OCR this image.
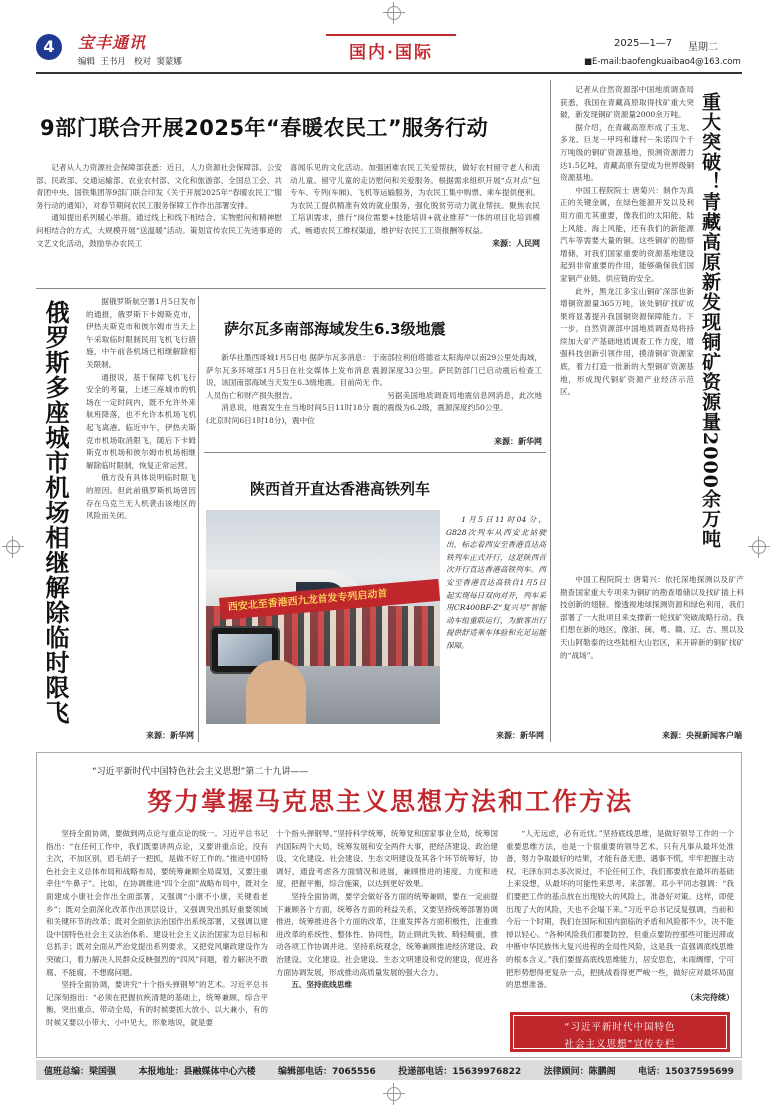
4	宝丰通讯
编辑  王书月   校对  窦蒙娜	国内·国际	2025—1—7 星期二
■E-mail:baofengkuaibao4@163.com
9部门联合开展2025年“春暖农民工”服务行动

记者从人力资源社会保障部获悉：近日，人力资源社会保障部、公安部、民政部、交通运输部、农业农村部、文化和旅游部、全国总工会、共青团中央、国铁集团等9部门联合印发《关于开展2025年“春暖农民工”服务行动的通知》，对春节期间农民工服务保障工作作出部署安排。

通知提出系列暖心举措。通过线上和线下相结合、实物慰问和精神慰问相结合的方式，大规模开展“送温暖”活动。策划宣传农民工先进事迹的文艺文化活动，鼓励举办农民工

喜闻乐见的文化活动。加强困难农民工关爱帮扶，做好农村留守老人和流动儿童、留守儿童的走访慰问和关爱服务。根据需求组织开展“点对点”包专车、专列(车厢)、飞机等运输服务，为农民工集中购票、乘车提供便利。为农民工提供精准有效的就业服务，强化脱贫劳动力就业帮扶。聚焦农民工培训需求，推行“岗位需要+技能培训+就业推荐”一体的项目化培训模式。畅通农民工维权渠道，维护好农民工工资报酬等权益。

来源：人民网
俄罗斯多座城市机场相继解除临时限飞	据俄罗斯航空署1月5日发布的通报，俄罗斯下卡姆斯克市，伊热夫斯克市和彼尔姆市当天上午采取临时限制民用飞机飞行措施，中午前各机场已相继解除相关限制。

通报说，基于保障飞机飞行安全的考量，上述三座城市的机场在一定时间内，既不允许外来航班降落，也不允许本机场飞机起飞离港。临近中午，伊热夫斯克市机场取消限飞，随后下卡姆斯克市机场和彼尔姆市机场相继解除临时限制，恢复正常运营。

俄方没有具体说明临时限飞的原因。但此前俄罗斯机场曾因存在乌克兰无人机袭击该地区的风险而关闭。

来源：新华网
萨尔瓦多南部海域发生6.3级地震

新华社墨西哥城1月5日电 据萨尔瓦多消息：萨尔瓦多环境部1月5日在社交媒体上发布消息说，该国南部海域当天发生6.3级地震。目前尚无人员伤亡和财产损失报告。

消息说，地震发生在当地时间5日11时18分(北京时间6日1时18分)，震中位

于南部拉利伯塔德省太阳海岸以南29公里处海域，震源深度33公里。萨民防部门已启动震后检查工作。

另据美国地质调查局地震信息网消息，此次地震的震级为6.2级，震源深度约50公里。

来源：新华网
陕西首开直达香港高铁列车
西安北至香港西九龙首发专列启动首

1月5日11时04分，G828次列车从西安北站驶出，标志着西安至香港直达高铁列车正式开行，这是陕西首次开行直达香港高铁列车。西安至香港直达高铁自1月5日起实现每日双向对开，列车采用CR400BF-Z“复兴号”智能动车组重联运行，为旅客出行提供舒适乘车体验和充足运能保障。

来源：新华网

记者从自然资源部中国地质调查局获悉，我国在青藏高原取得找矿重大突破，新发现铜矿资源量2000余万吨。

据介绍，在青藏高原形成了玉龙、多龙、巨龙－甲玛和雄村－朱诺四个千万吨级的铜矿资源基地，预测资源潜力达1.5亿吨，青藏高原有望成为世界级铜资源基地。

中国工程院院士 唐菊兴：制作为真正的关键金属，在绿色能源开发以及利用方面尤其重要，像我们的太阳能、陆上风能、海上风能，还有我们的新能源汽车等需要大量的铜。这些铜矿的勘察增储，对我们国家重要的资源基地建设起到非常重要的作用，能够确保我们国家铜产业链、供应链的安全。

此外，黑龙江多宝山铜矿深部也新增铜资源量365万吨，该处铜矿找矿成果将显著提升我国铜资源保障能力。下一步，自然资源部中国地质调查局将持续加大矿产基础地质调查工作力度，增强科技创新引领作用，摸清铜矿资源家底，着力打造一批新的大型铜矿资源基地，形成现代铜矿资源产业经济示范区。

中国工程院院士 唐菊兴：依托深地探测以及矿产勘查国家重大专项来为铜矿的勘查增储以及找矿插上科技创新的翅膀。像透视地球探测资源和绿色利用，我们部署了一大批项目来支撑新一轮找矿突破战略行动。我们想在新的地区，像浙、闽、粤、赣、辽、吉、黑以及天山阿勒泰的这些陆相大山岩区，来开辟新的铜矿找矿的“战场”。

重大突破！青藏高原新发现铜矿资源量2000余万吨
来源：央视新闻客户端
“习近平新时代中国特色社会主义思想”第二十九讲——
努力掌握马克思主义思想方法和工作方法

坚持全面协调，要做到两点论与重点论的统一。习近平总书记指出：“在任何工作中，我们既要讲两点论，又要讲重点论，没有主次，不加区别，眉毛胡子一把抓，是做不好工作的。”推进中国特色社会主义总体布局和战略布局，要统筹兼顾全局谋划，又要注重牵住“牛鼻子”。比如，在协调推进“四个全面”战略布局中，既对全面建成小康社会作出全面部署，又强调“小康不小康，关键看老乡”；既对全面深化改革作出顶层设计，又强调突出抓好重要领域和关键环节的改革；既对全面依法治国作出系统部署，又强调以建设中国特色社会主义法治体系、建设社会主义法治国家为总目标和总抓手；既对全面从严治党提出系列要求，又把党风廉政建设作为突破口，着力解决人民群众反映强烈的“四风”问题，着力解决不敢腐、不能腐、不想腐问题。

坚持全面协调，要讲究“十个指头弹钢琴”的艺术。习近平总书记深刻指出：“必须在把握抗疾清楚的基础上，统筹兼顾、综合平衡，突出重点、带动全局，有的时候要抓大放小、以大兼小，有的时候又要以小带大、小中见大，形象地说，就是要

十个指头弹钢琴。”坚持科学统筹，统筹党和国家事业全局，统筹国内国际两个大局，统筹发展和安全两件大事，把经济建设、政治建设、文化建设、社会建设、生态文明建设及其各个环节统筹好，协调好，通盘考虑各方面情况和进展，兼顾推进的速度、力度和进度，把握平衡，综合施策，以达到更好效果。

坚持全面协调，要学会做好各方面的统筹兼顾，要在一定前提下兼顾各个方面，统筹各方面的利益关系，又要坚持统筹部署协调推进，统筹推进各个方面的改革，注重发挥各方面积极性，注重推进改革的系统性、整体性、协同性，防止顾此失彼、畸轻畸重，推动各项工作协调并进。坚持系统观念，统筹兼顾推进经济建设、政治建设、文化建设、社会建设、生态文明建设和党的建设，促进各方面协调发展，形成推动高质量发展的强大合力。

五、坚持底线思维

“人无远虑，必有近忧。”坚持底线思维，是做好领导工作的一个重要思维方法，也是一个很重要的领导艺术。只有凡事从最坏处准备，努力争取最好的结果，才能有备无患、遇事不慌，牢牢把握主动权。毛泽东同志多次说过，不论任何工作，我们都要放在最坏的基础上来设想，从最坏的可能性来思考、来部署。邓小平同志强调：“我们要把工作的基点放在出现较大的风险上，准备好对策。这样，即使出现了大的风险，天也不会塌下来。”习近平总书记反复强调，当前和今后一个时期，我们在国际和国内面临的矛盾和风险都不少，决不能掉以轻心。“各种风险我们都要防控，但重点要防控那些可能迟滞或中断中华民族伟大复兴进程的全局性风险，这是我一直强调底线思维的根本含义。”我们要提高底线思维能力，居安思危，未雨绸缪，宁可把形势想得更复杂一点，把挑战看得更严峻一些，做好应对最坏局面的思想准备。

（未完待续）
“习近平新时代中国特色
社会主义思想”宣传专栏
值班总编：梁国强 本报地址：县融媒体中心六楼 编辑部电话：7065556 投递部电话：15639976822 法律顾问：陈鹏阁 电话：15037595699
